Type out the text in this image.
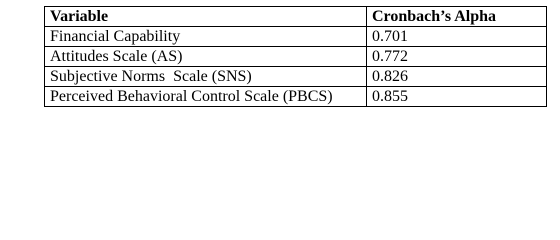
Variable	Cronbach’s Alpha
Financial Capability	0.701
Attitudes Scale (AS)	0.772
Subjective Norms  Scale (SNS)	0.826
Perceived Behavioral Control Scale (PBCS)	0.855
